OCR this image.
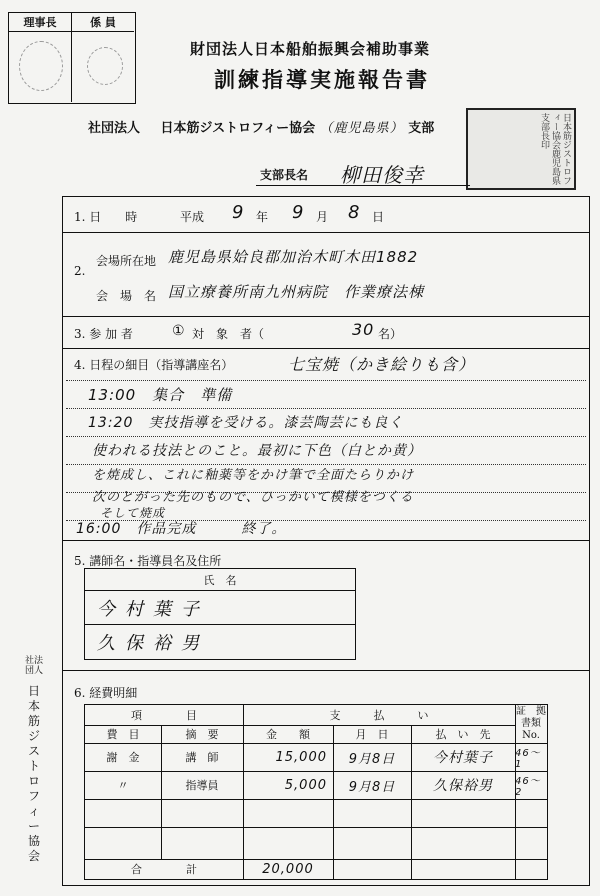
理事長	係 員
財団法人日本船舶振興会補助事業
訓練指導実施報告書
社団法人 日本筋ジストロフィー協会 （鹿児島県） 支部	日本筋ジストロフィー協会鹿児島県支部長印
支部長名 柳田俊幸
1. 日　　時	平成 9 年 9 月 8 日
2.
会場所在地 鹿児島県姶良郡加治木町木田1882
会　場　名 国立療養所南九州病院　作業療法棟
3. 参 加 者	① 対　象　者（	30 名）
4. 日程の細目（指導講座名）	七宝焼（かき絵りも含）
13:00　集合　準備
13:20　実技指導を受ける。漆芸陶芸にも良く
使われる技法とのこと。最初に下色（白とか黄）
を焼成し、これに釉薬等をかけ筆で全面たらりかけ
次のとがった先のもので、ひっかいて模様をつくる
そして焼成
16:00　作品完成　　　終了。
5. 講師名・指導員名及住所
氏　名
今村葉子
久保裕男
社法団人
日本筋ジストロフィー協会
6. 経費明細
項　　　　目	支　　　払　　　い	証　拠書類No.
費　目	摘　要	金　　額	月　日	払　い　先
謝　金	講　師	15,000	9月8日	今村葉子	46～1
〃	指導員	5,000	9月8日	久保裕男	46～2
合　　　　計	20,000
